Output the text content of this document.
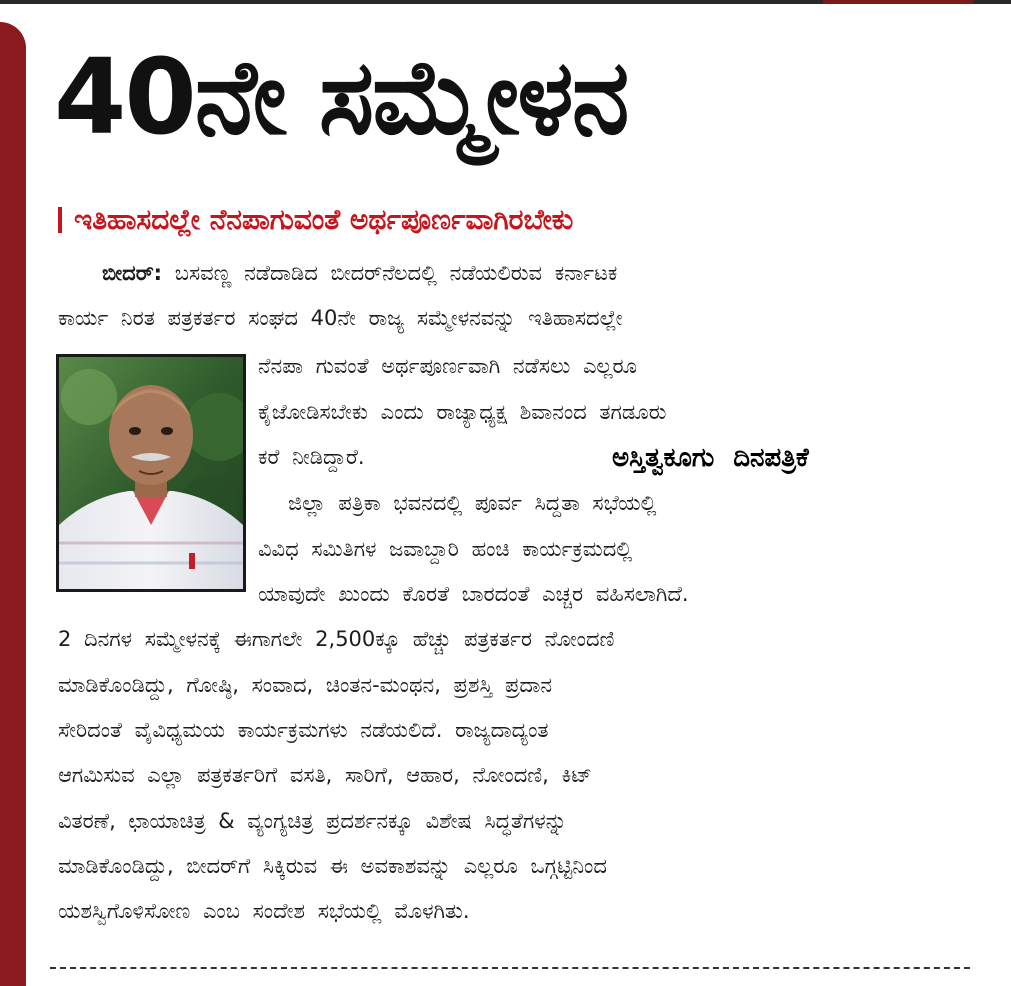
40ನೇ ಸಮ್ಮೇಳನ
ಇತಿಹಾಸದಲ್ಲೇ ನೆನಪಾಗುವಂತೆ ಅರ್ಥಪೂರ್ಣವಾಗಿರಬೇಕು
ಬೀದರ್: ಬಸವಣ್ಣ ನಡೆದಾಡಿದ ಬೀದರ್‌ನೆಲದಲ್ಲಿ ನಡೆಯಲಿರುವ ಕರ್ನಾಟಕ
ಕಾರ್ಯ ನಿರತ ಪತ್ರಕರ್ತರ ಸಂಘದ 40ನೇ ರಾಜ್ಯ ಸಮ್ಮೇಳನವನ್ನು ಇತಿಹಾಸದಲ್ಲೇ
ನೆನಪಾ ಗುವಂತೆ ಅರ್ಥಪೂರ್ಣವಾಗಿ ನಡೆಸಲು ಎಲ್ಲರೂ
ಕೈಜೋಡಿಸಬೇಕು ಎಂದು ರಾಜ್ಯಾಧ್ಯಕ್ಷ ಶಿವಾನಂದ ತಗಡೂರು
ಕರೆ ನೀಡಿದ್ದಾರೆ.	ಅಸ್ತಿತ್ವಕೂಗು ದಿನಪತ್ರಿಕೆ
ಜಿಲ್ಲಾ ಪತ್ರಿಕಾ ಭವನದಲ್ಲಿ ಪೂರ್ವ ಸಿದ್ದತಾ ಸಭೆಯಲ್ಲಿ
ವಿವಿಧ ಸಮಿತಿಗಳ ಜವಾಬ್ದಾರಿ ಹಂಚಿ ಕಾರ್ಯಕ್ರಮದಲ್ಲಿ
ಯಾವುದೇ ಖುಂದು ಕೊರತೆ ಬಾರದಂತೆ ಎಚ್ಚರ ವಹಿಸಲಾಗಿದೆ.
2 ದಿನಗಳ ಸಮ್ಮೇಳನಕ್ಕೆ ಈಗಾಗಲೇ 2,500ಕ್ಕೂ ಹೆಚ್ಚು ಪತ್ರಕರ್ತರ ನೋಂದಣಿ
ಮಾಡಿಕೊಂಡಿದ್ದು, ಗೋಷ್ಠಿ, ಸಂವಾದ, ಚಿಂತನ-ಮಂಥನ, ಪ್ರಶಸ್ತಿ ಪ್ರದಾನ
ಸೇರಿದಂತೆ ವೈವಿಧ್ಯಮಯ ಕಾರ್ಯಕ್ರಮಗಳು ನಡೆಯಲಿದೆ. ರಾಜ್ಯದಾದ್ಯಂತ
ಆಗಮಿಸುವ ಎಲ್ಲಾ ಪತ್ರಕರ್ತರಿಗೆ ವಸತಿ, ಸಾರಿಗೆ, ಆಹಾರ, ನೋಂದಣಿ, ಕಿಟ್
ವಿತರಣೆ, ಛಾಯಾಚಿತ್ರ & ವ್ಯಂಗ್ಯಚಿತ್ರ ಪ್ರದರ್ಶನಕ್ಕೂ ವಿಶೇಷ ಸಿದ್ಧತೆಗಳನ್ನು
ಮಾಡಿಕೊಂಡಿದ್ದು, ಬೀದರ್‌ಗೆ ಸಿಕ್ಕಿರುವ ಈ ಅವಕಾಶವನ್ನು ಎಲ್ಲರೂ ಒಗ್ಗಟ್ಟಿನಿಂದ
ಯಶಸ್ವಿಗೊಳಿಸೋಣ ಎಂಬ ಸಂದೇಶ ಸಭೆಯಲ್ಲಿ ಮೊಳಗಿತು.
